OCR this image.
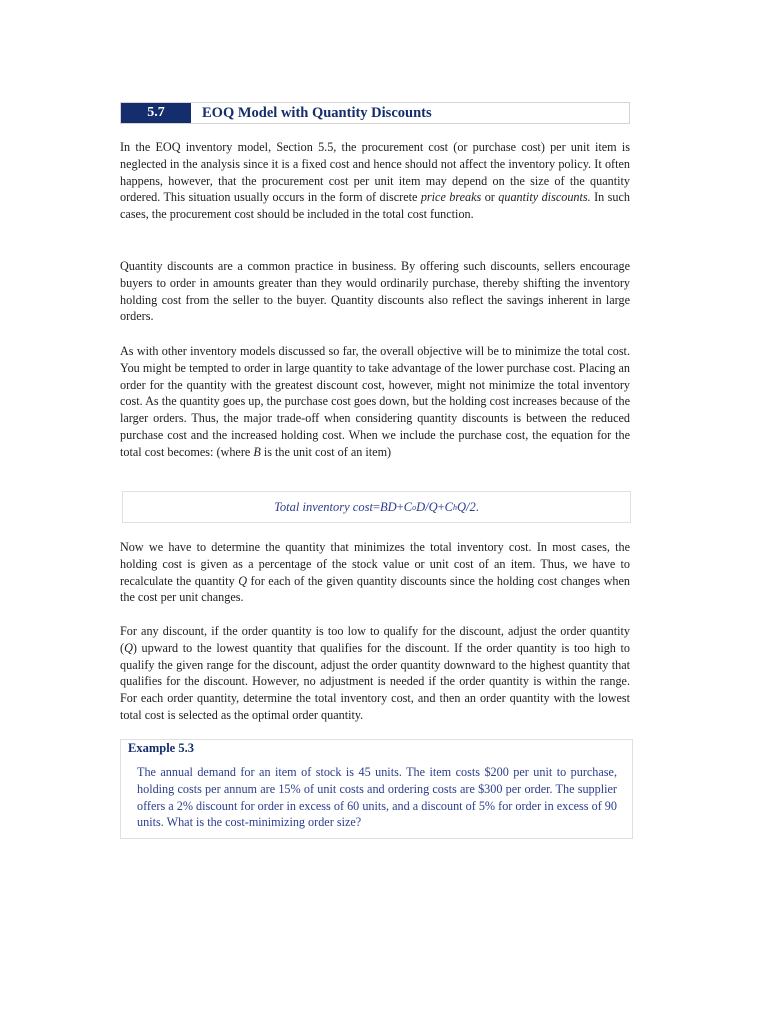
5.7	EOQ Model with Quantity Discounts

In the EOQ inventory model, Section 5.5, the procurement cost (or purchase cost) per unit item is neglected in the analysis since it is a fixed cost and hence should not affect the inventory policy. It often happens, however, that the procurement cost per unit item may depend on the size of the quantity ordered. This situation usually occurs in the form of discrete price breaks or quantity discounts. In such cases, the procurement cost should be included in the total cost function.

Quantity discounts are a common practice in business. By offering such discounts, sellers encourage buyers to order in amounts greater than they would ordinarily purchase, thereby shifting the inventory holding cost from the seller to the buyer. Quantity discounts also reflect the savings inherent in large orders.

As with other inventory models discussed so far, the overall objective will be to minimize the total cost. You might be tempted to order in large quantity to take advantage of the lower purchase cost. Placing an order for the quantity with the greatest discount cost, however, might not minimize the total inventory cost. As the quantity goes up, the purchase cost goes down, but the holding cost increases because of the larger orders. Thus, the major trade-off when considering quantity discounts is between the reduced purchase cost and the increased holding cost. When we include the purchase cost, the equation for the total cost becomes: (where B is the unit cost of an item)

Total inventory cost = BD + C o D/Q + C h Q/2 .

Now we have to determine the quantity that minimizes the total inventory cost. In most cases, the holding cost is given as a percentage of the stock value or unit cost of an item. Thus, we have to recalculate the quantity Q for each of the given quantity discounts since the holding cost changes when the cost per unit changes.

For any discount, if the order quantity is too low to qualify for the discount, adjust the order quantity (Q) upward to the lowest quantity that qualifies for the discount. If the order quantity is too high to qualify the given range for the discount, adjust the order quantity downward to the highest quantity that qualifies for the discount. However, no adjustment is needed if the order quantity is within the range. For each order quantity, determine the total inventory cost, and then an order quantity with the lowest total cost is selected as the optimal order quantity.

Example 5.3

The annual demand for an item of stock is 45 units. The item costs $200 per unit to purchase, holding costs per annum are 15% of unit costs and ordering costs are $300 per order. The supplier offers a 2% discount for order in excess of 60 units, and a discount of 5% for order in excess of 90 units. What is the cost-minimizing order size?
